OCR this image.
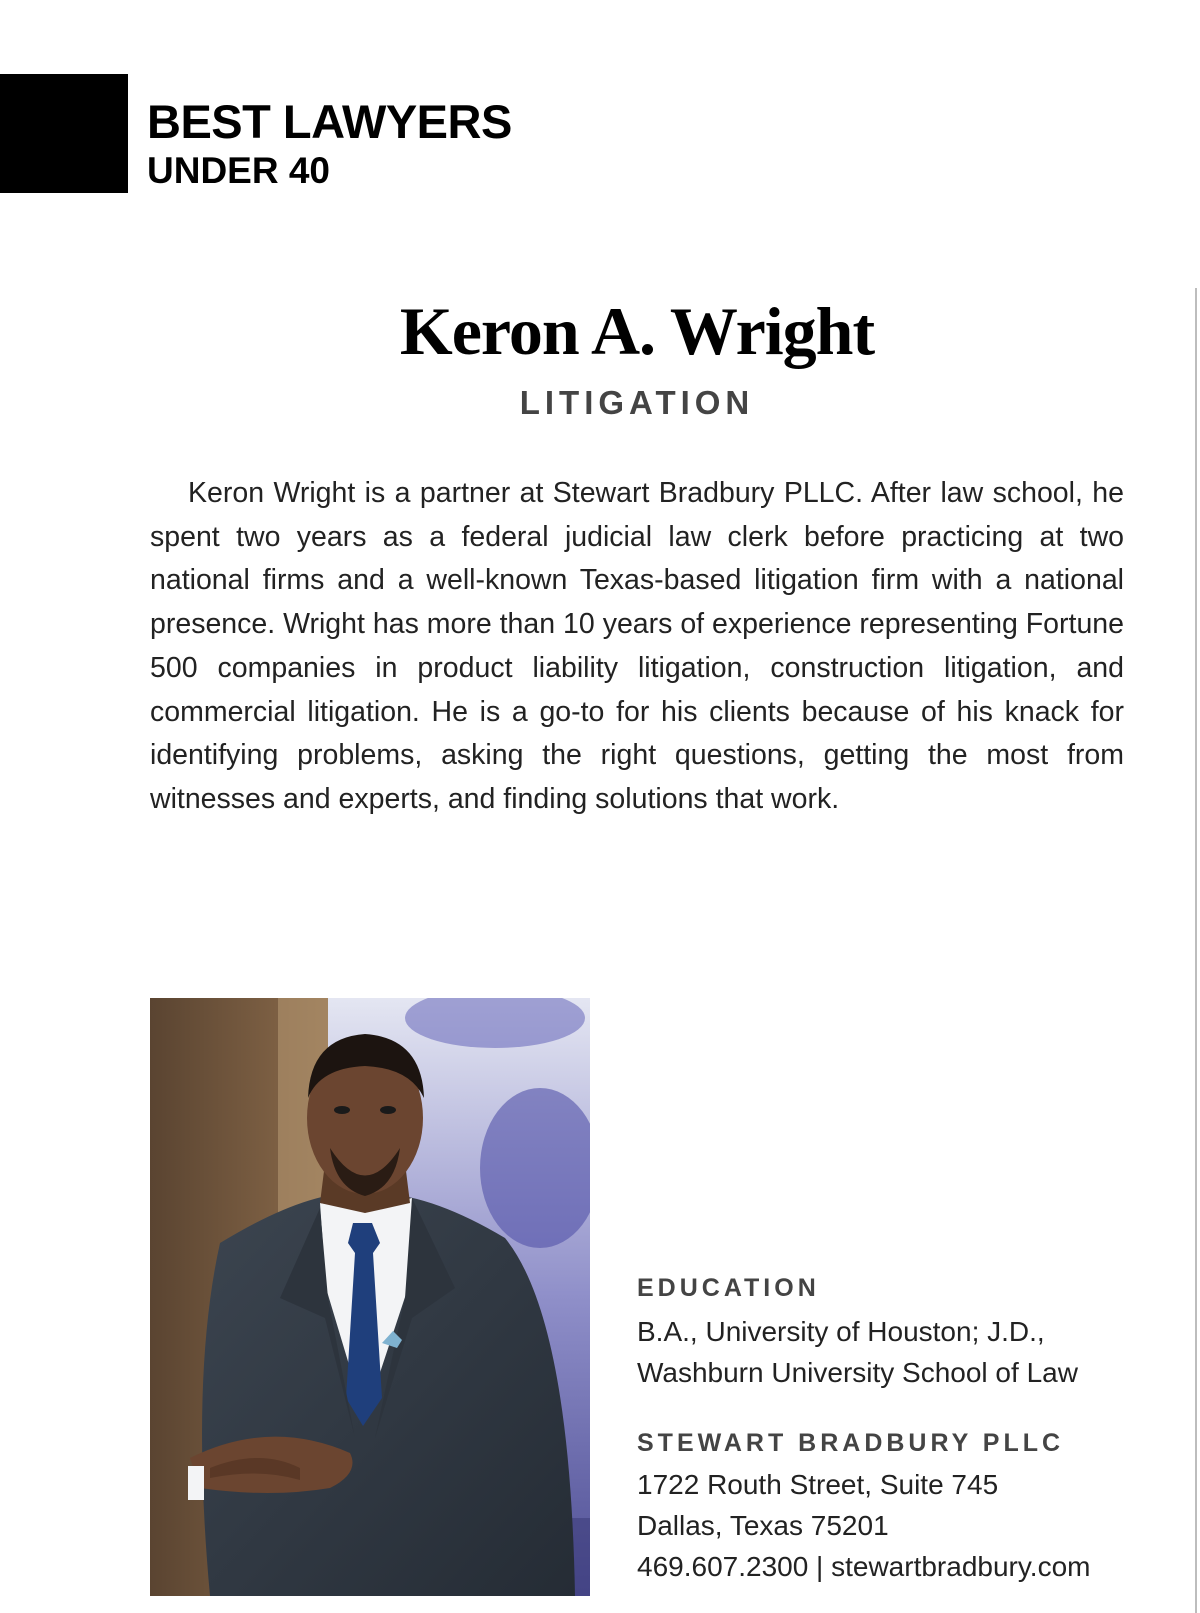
BEST LAWYERS
UNDER 40
Keron A. Wright
LITIGATION

Keron Wright is a partner at Stewart Bradbury PLLC. After law school, he spent two years as a federal judicial law clerk before practicing at two national firms and a well-known Texas-based litigation firm with a national presence. Wright has more than 10 years of experience representing Fortune 500 companies in product liability litigation, construction litigation, and commercial litigation. He is a go-to for his clients because of his knack for identifying problems, asking the right questions, getting the most from witnesses and experts, and finding solutions that work.

EDUCATION
B.A., University of Houston; J.D.,
Washburn University School of Law
STEWART BRADBURY PLLC
1722 Routh Street, Suite 745
Dallas, Texas 75201
469.607.2300 | stewartbradbury.com
